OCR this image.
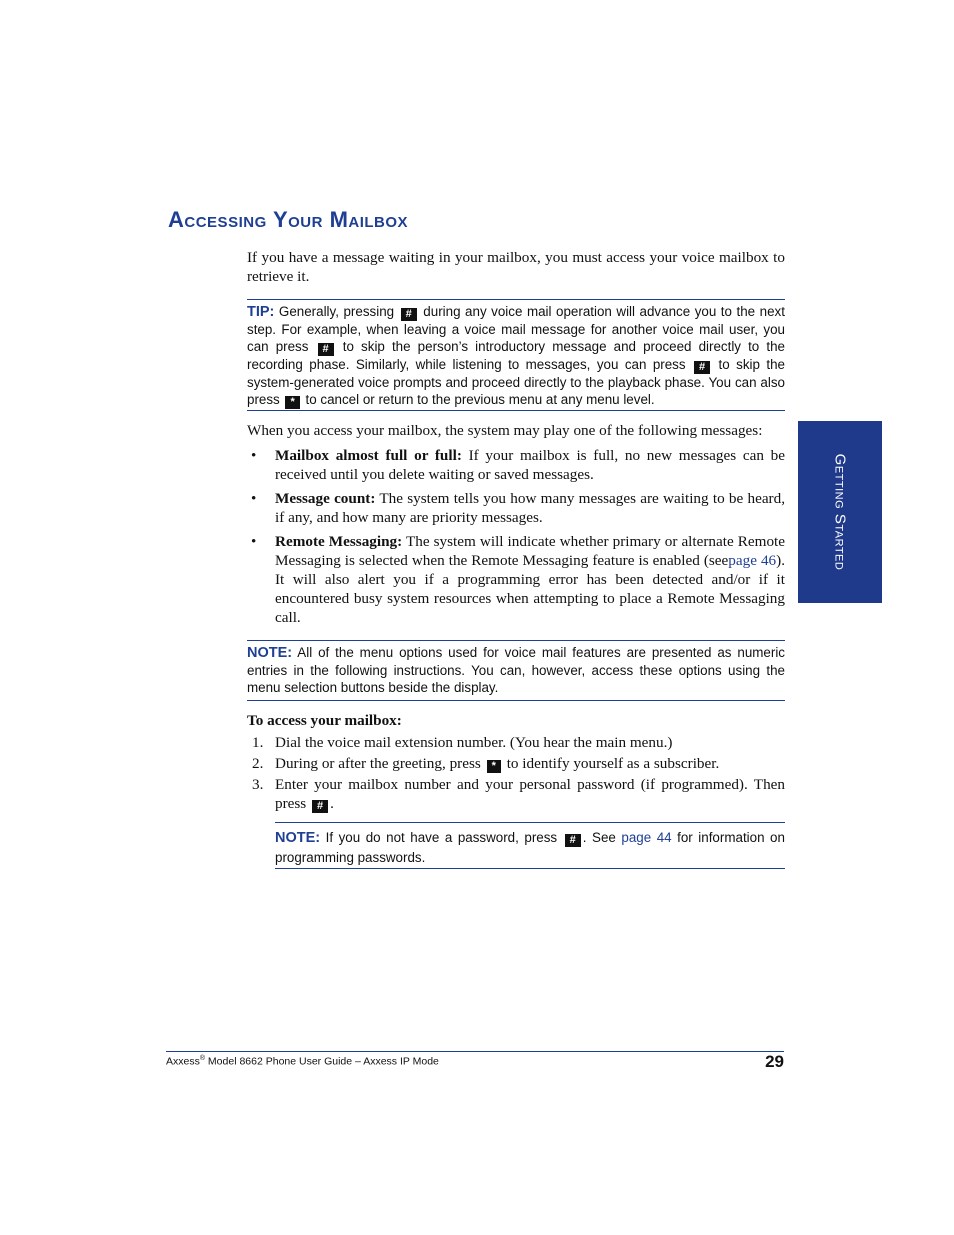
Accessing Your Mailbox

If you have a message waiting in your mailbox, you must access your voice mailbox to retrieve it.

TIP: Generally, pressing # during any voice mail operation will advance you to the next step. For example, when leaving a voice mail message for another voice mail user, you can press # to skip the person’s introductory message and proceed directly to the recording phase. Similarly, while listening to messages, you can press # to skip the system-generated voice prompts and proceed directly to the playback phase. You can also press * to cancel or return to the previous menu at any menu level.

When you access your mailbox, the system may play one of the following messages:

• Mailbox almost full or full: If your mailbox is full, no new messages can be received until you delete waiting or saved messages.
• Message count: The system tells you how many messages are waiting to be heard, if any, and how many are priority messages.
• Remote Messaging: The system will indicate whether primary or alternate Remote Messaging is selected when the Remote Messaging feature is enabled (seepage 46). It will also alert you if a programming error has been detected and/or if it encountered busy system resources when attempting to place a Remote Messaging call.
NOTE: All of the menu options used for voice mail features are presented as numeric entries in the following instructions. You can, however, access these options using the menu selection buttons beside the display.

To access your mailbox:

1. Dial the voice mail extension number. (You hear the main menu.)
2. During or after the greeting, press * to identify yourself as a subscriber.
3. Enter your mailbox number and your personal password (if programmed). Then press # .
NOTE: If you do not have a password, press # . See page 44 for information on programming passwords.
Getting Started
Axxess® Model 8662 Phone User Guide – Axxess IP Mode	29
